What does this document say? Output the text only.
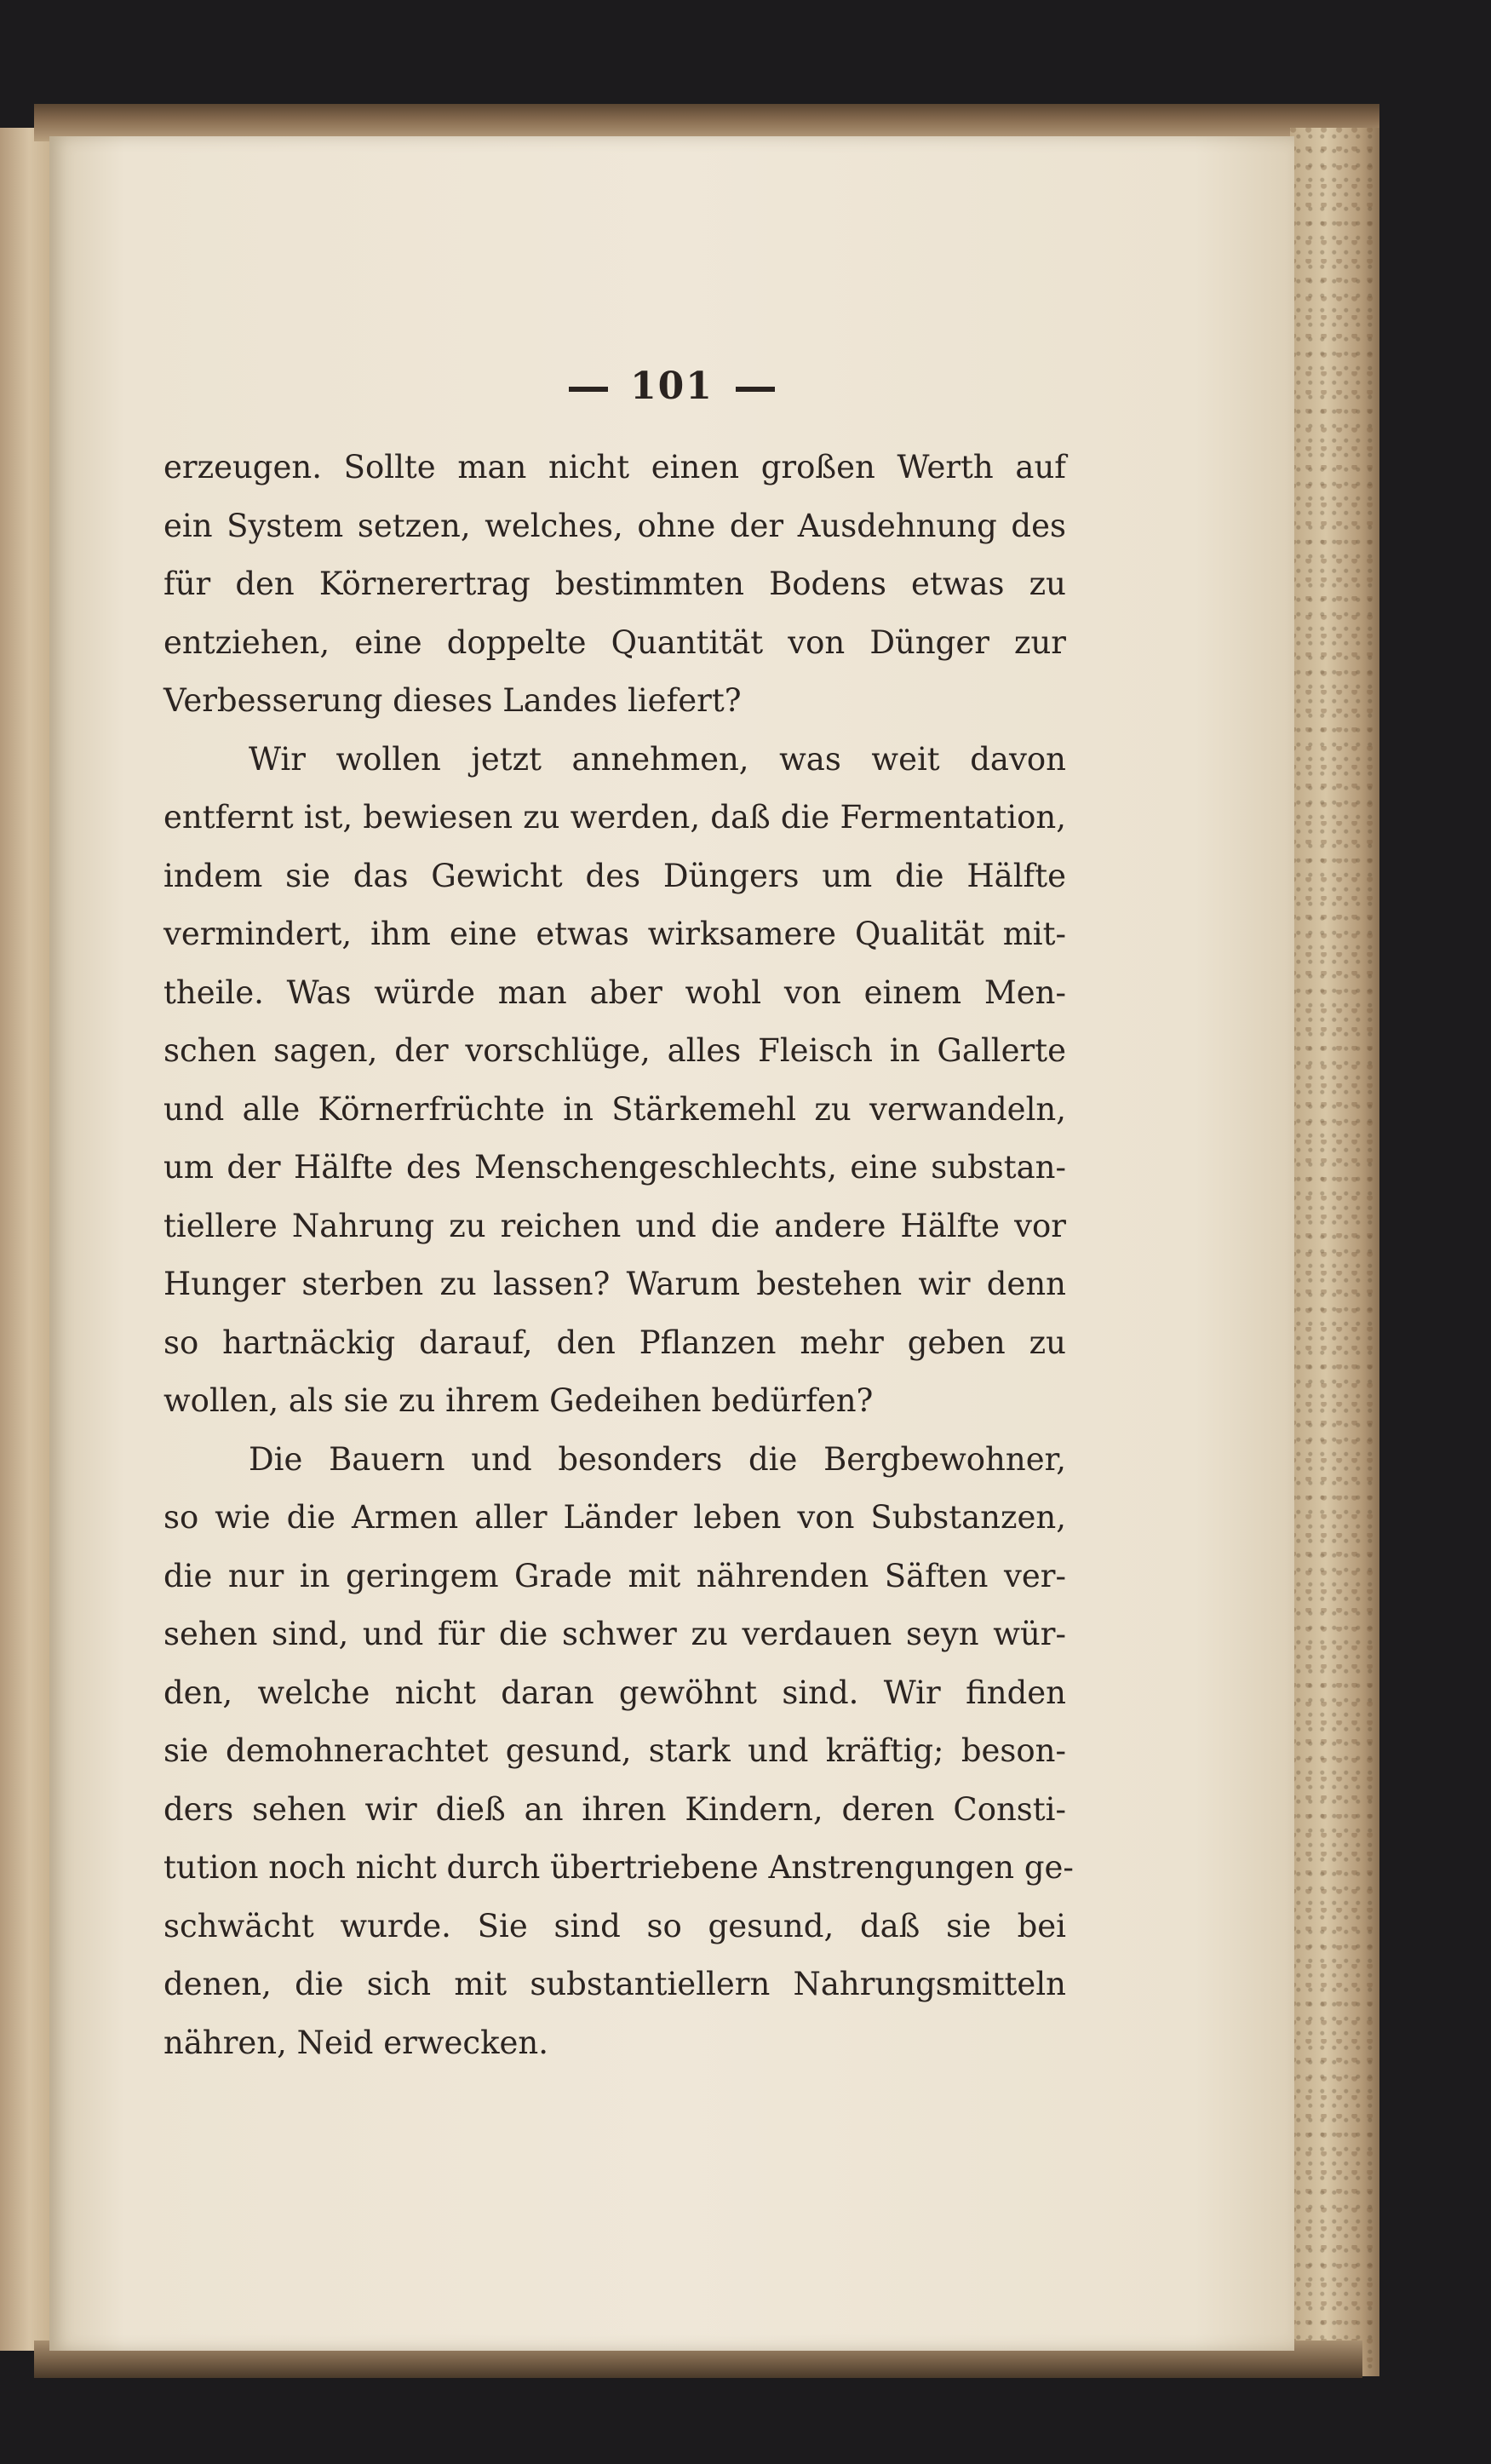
101
erzeugen. Sollte man nicht einen großen Werth auf
ein System setzen, welches, ohne der Ausdehnung des
für den Körnerertrag bestimmten Bodens etwas zu
entziehen, eine doppelte Quantität von Dünger zur
Verbesserung dieses Landes liefert?
Wir wollen jetzt annehmen, was weit davon
entfernt ist, bewiesen zu werden, daß die Fermentation,
indem sie das Gewicht des Düngers um die Hälfte
vermindert, ihm eine etwas wirksamere Qualität mit-
theile. Was würde man aber wohl von einem Men-
schen sagen, der vorschlüge, alles Fleisch in Gallerte
und alle Körnerfrüchte in Stärkemehl zu verwandeln,
um der Hälfte des Menschengeschlechts, eine substan-
tiellere Nahrung zu reichen und die andere Hälfte vor
Hunger sterben zu lassen? Warum bestehen wir denn
so hartnäckig darauf, den Pflanzen mehr geben zu
wollen, als sie zu ihrem Gedeihen bedürfen?
Die Bauern und besonders die Bergbewohner,
so wie die Armen aller Länder leben von Substanzen,
die nur in geringem Grade mit nährenden Säften ver-
sehen sind, und für die schwer zu verdauen seyn wür-
den, welche nicht daran gewöhnt sind. Wir finden
sie demohnerachtet gesund, stark und kräftig; beson-
ders sehen wir dieß an ihren Kindern, deren Consti-
tution noch nicht durch übertriebene Anstrengungen ge-
schwächt wurde. Sie sind so gesund, daß sie bei
denen, die sich mit substantiellern Nahrungsmitteln
nähren, Neid erwecken.
